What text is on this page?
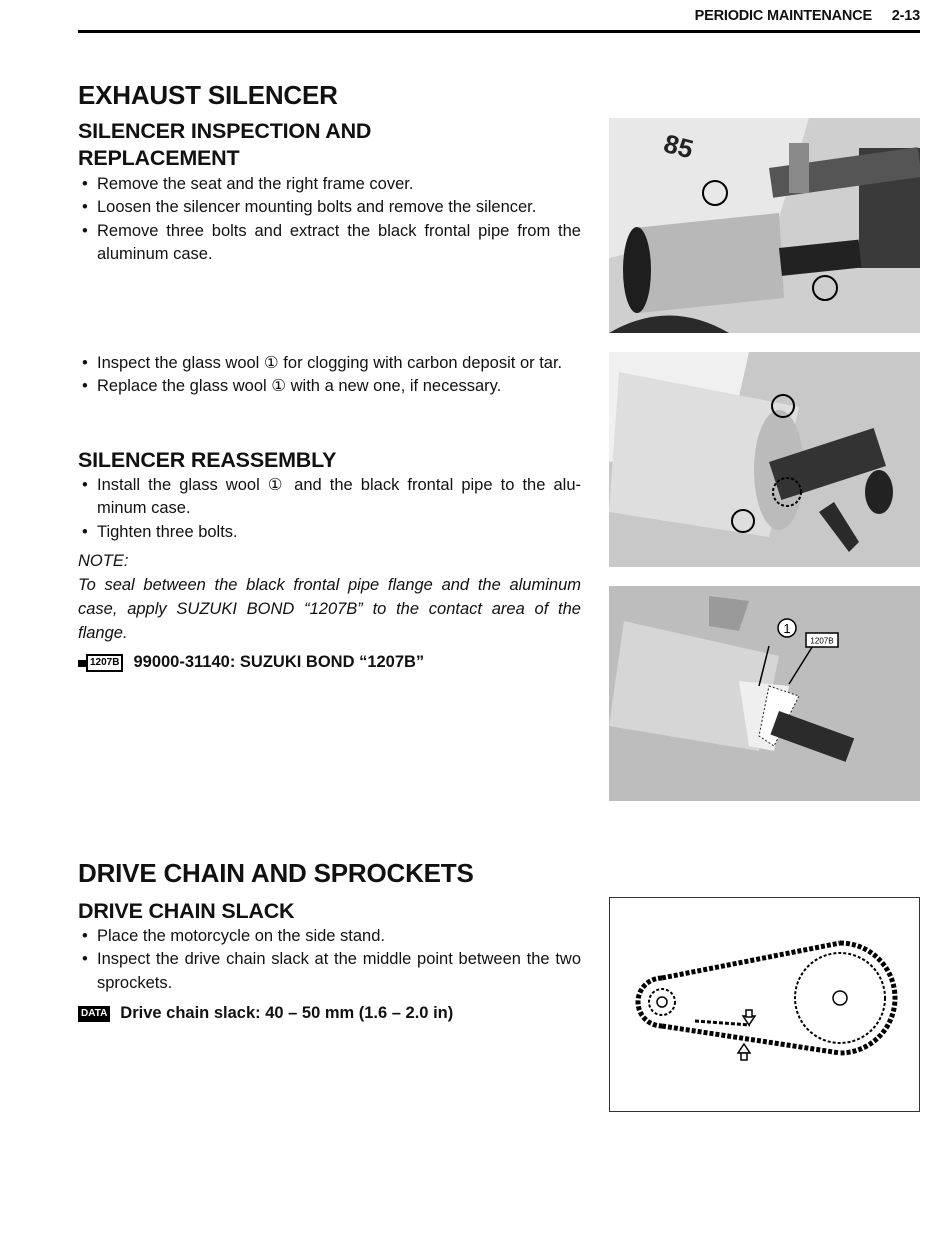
PERIODIC MAINTENANCE 2-13
EXHAUST SILENCER
SILENCER INSPECTION AND
REPLACEMENT
• Remove the seat and the right frame cover.
• Loosen the silencer mounting bolts and remove the silencer.
• Remove three bolts and extract the black frontal pipe from the aluminum case.
• Inspect the glass wool ① for clogging with carbon deposit or tar.
• Replace the glass wool ① with a new one, if necessary.
SILENCER REASSEMBLY
• Install the glass wool ① and the black frontal pipe to the alu-minum case.
• Tighten three bolts.
NOTE:
To seal between the black frontal pipe flange and the aluminum case, apply SUZUKI BOND “1207B” to the contact area of the flange.
1207B 99000-31140: SUZUKI BOND “1207B”
85
1
1207B
DRIVE CHAIN AND SPROCKETS
DRIVE CHAIN SLACK
• Place the motorcycle on the side stand.
• Inspect the drive chain slack at the middle point between the two sprockets.
DATA Drive chain slack: 40 – 50 mm (1.6 – 2.0 in)
